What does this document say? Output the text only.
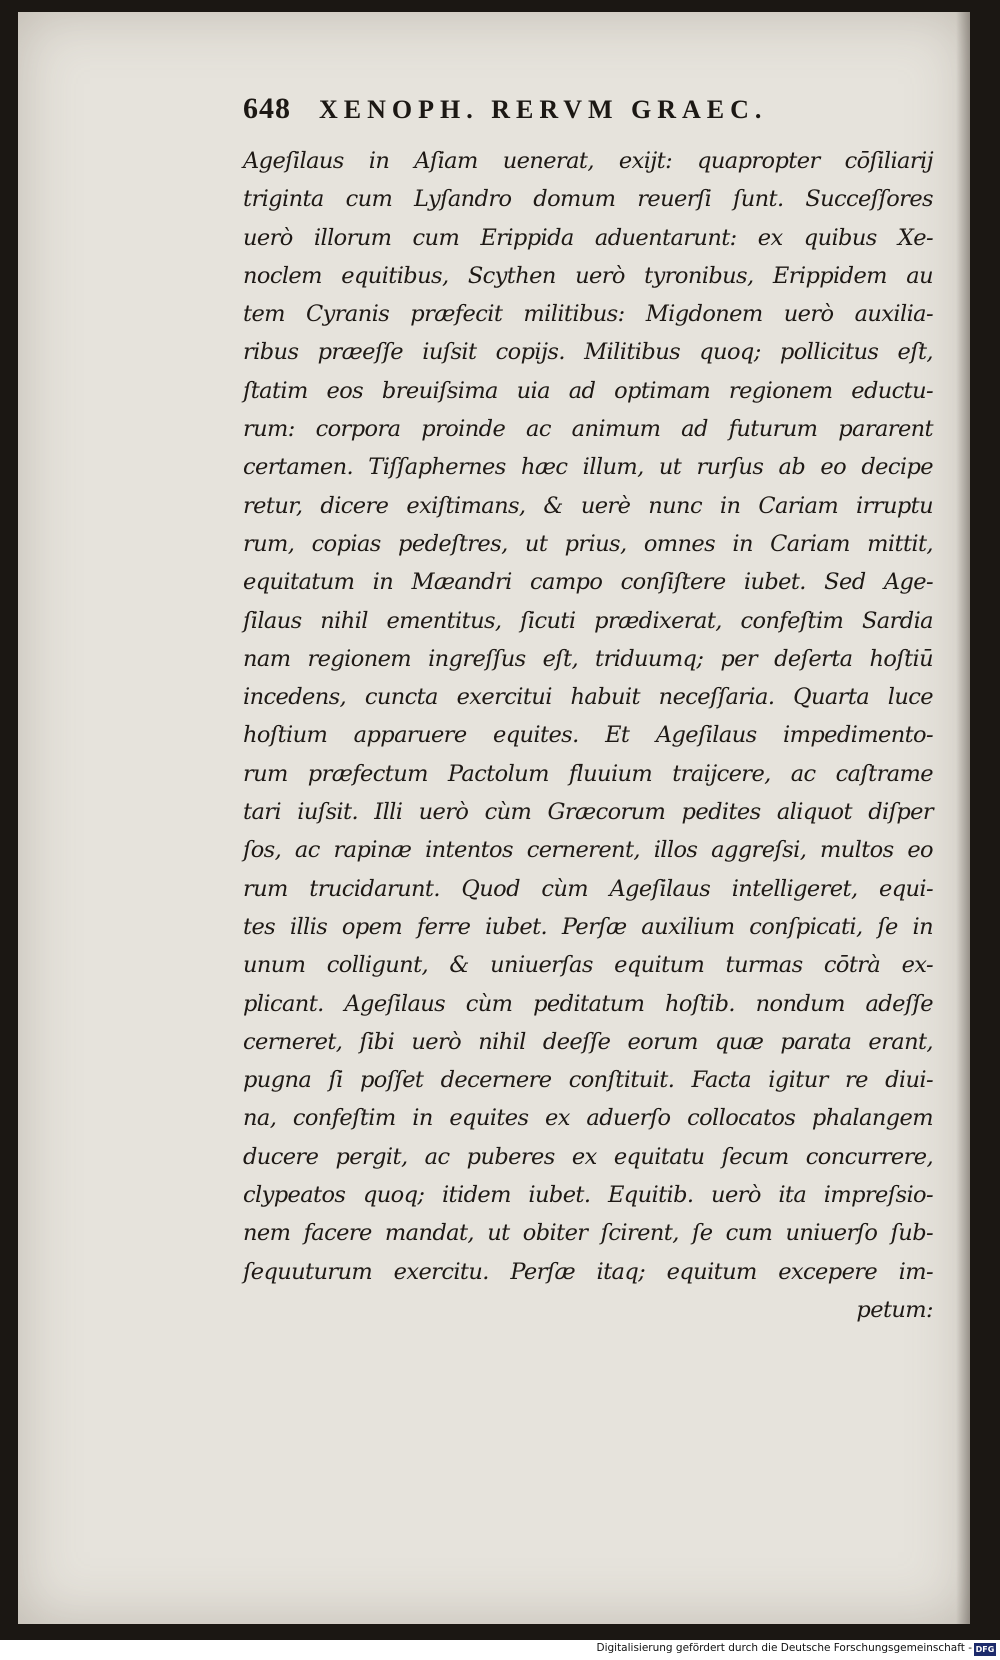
648 XENOPH. RERVM GRAEC.
Ageſilaus in Aſiam uenerat, exijt: quapropter cōſiliarij
triginta cum Lyſandro domum reuerſi ſunt. Succeſſores
uerò illorum cum Erippida aduentarunt: ex quibus Xe-
noclem equitibus, Scythen uerò tyronibus, Erippidem au
tem Cyranis præfecit militibus: Migdonem uerò auxilia-
ribus præeſſe iuſsit copijs. Militibus quoq; pollicitus eſt,
ſtatim eos breuiſsima uia ad optimam regionem eductu-
rum: corpora proinde ac animum ad futurum pararent
certamen. Tiſſaphernes hæc illum, ut rurſus ab eo decipe
retur, dicere exiſtimans, & uerè nunc in Cariam irruptu
rum, copias pedeſtres, ut prius, omnes in Cariam mittit,
equitatum in Mæandri campo conſiſtere iubet. Sed Age-
ſilaus nihil ementitus, ſicuti prædixerat, confeſtim Sardia
nam regionem ingreſſus eſt, triduumq; per deſerta hoſtiū
incedens, cuncta exercitui habuit neceſſaria. Quarta luce
hoſtium apparuere equites. Et Ageſilaus impedimento-
rum præfectum Pactolum fluuium traijcere, ac caſtrame
tari iuſsit. Illi uerò cùm Græcorum pedites aliquot diſper
ſos, ac rapinæ intentos cernerent, illos aggreſsi, multos eo
rum trucidarunt. Quod cùm Ageſilaus intelligeret, equi-
tes illis opem ferre iubet. Perſæ auxilium conſpicati, ſe in
unum colligunt, & uniuerſas equitum turmas cōtrà ex-
plicant. Ageſilaus cùm peditatum hoſtib. nondum adeſſe
cerneret, ſibi uerò nihil deeſſe eorum quæ parata erant,
pugna ſi poſſet decernere conſtituit. Facta igitur re diui-
na, confeſtim in equites ex aduerſo collocatos phalangem
ducere pergit, ac puberes ex equitatu ſecum concurrere,
clypeatos quoq; itidem iubet. Equitib. uerò ita impreſsio-
nem facere mandat, ut obiter ſcirent, ſe cum uniuerſo ſub-
ſequuturum exercitu. Perſæ itaq; equitum excepere im-
petum:
Digitalisierung gefördert durch die Deutsche Forschungsgemeinschaft - DFG
